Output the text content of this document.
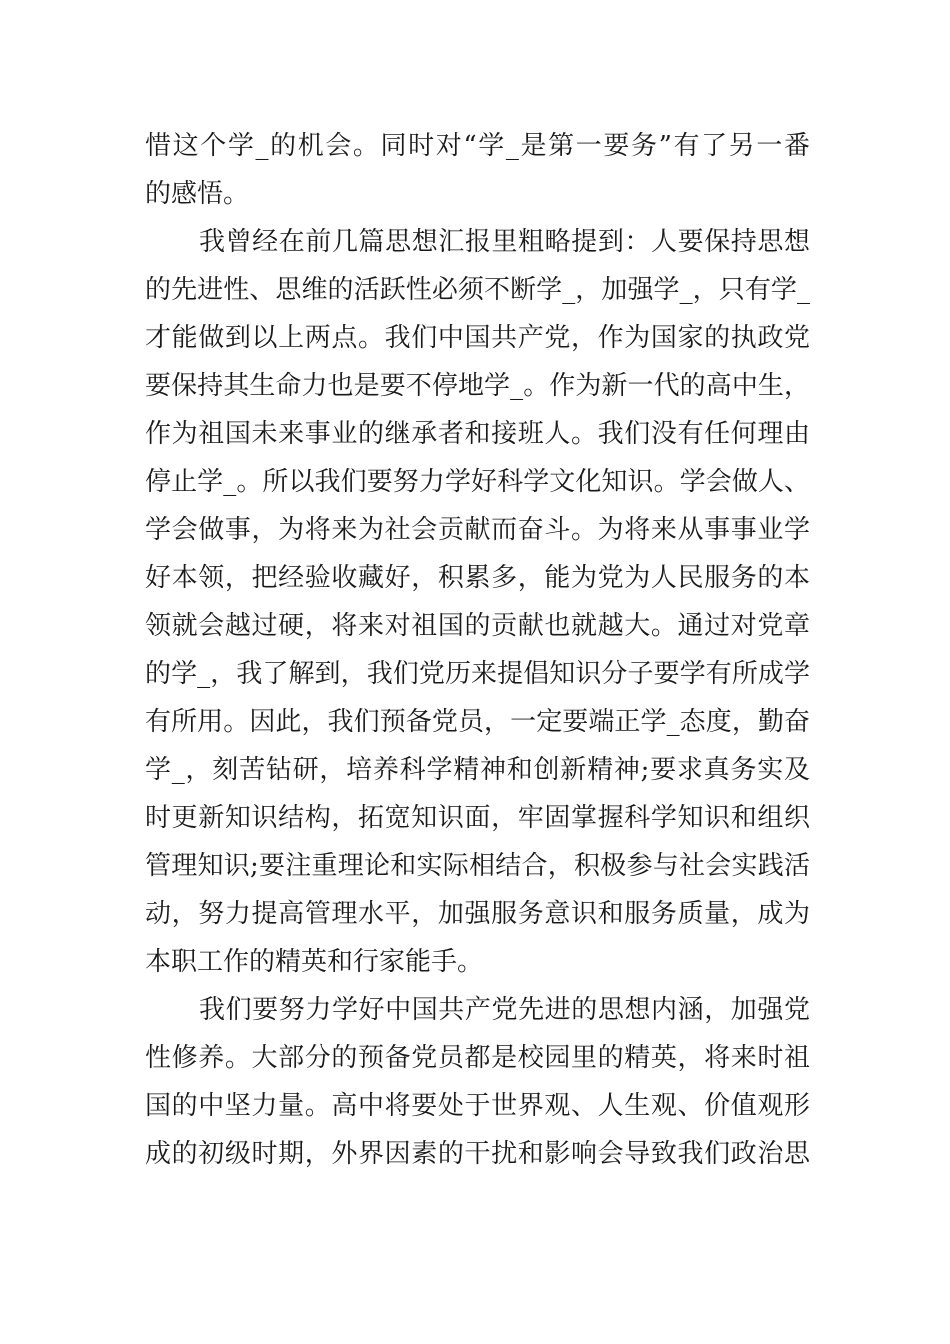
惜这个学_的机会。同时对“学_是第一要务”有了另一番
的感悟。
我曾经在前几篇思想汇报里粗略提到：人要保持思想
的先进性、思维的活跃性必须不断学_，加强学_，只有学_
才能做到以上两点。我们中国共产党，作为国家的执政党
要保持其生命力也是要不停地学_。作为新一代的高中生，
作为祖国未来事业的继承者和接班人。我们没有任何理由
停止学_。所以我们要努力学好科学文化知识。学会做人、
学会做事，为将来为社会贡献而奋斗。为将来从事事业学
好本领，把经验收藏好，积累多，能为党为人民服务的本
领就会越过硬，将来对祖国的贡献也就越大。通过对党章
的学_，我了解到，我们党历来提倡知识分子要学有所成学
有所用。因此，我们预备党员，一定要端正学_态度，勤奋
学_，刻苦钻研，培养科学精神和创新精神;要求真务实及
时更新知识结构，拓宽知识面，牢固掌握科学知识和组织
管理知识;要注重理论和实际相结合，积极参与社会实践活
动，努力提高管理水平，加强服务意识和服务质量，成为
本职工作的精英和行家能手。
我们要努力学好中国共产党先进的思想内涵，加强党
性修养。大部分的预备党员都是校园里的精英，将来时祖
国的中坚力量。高中将要处于世界观、人生观、价值观形
成的初级时期，外界因素的干扰和影响会导致我们政治思
